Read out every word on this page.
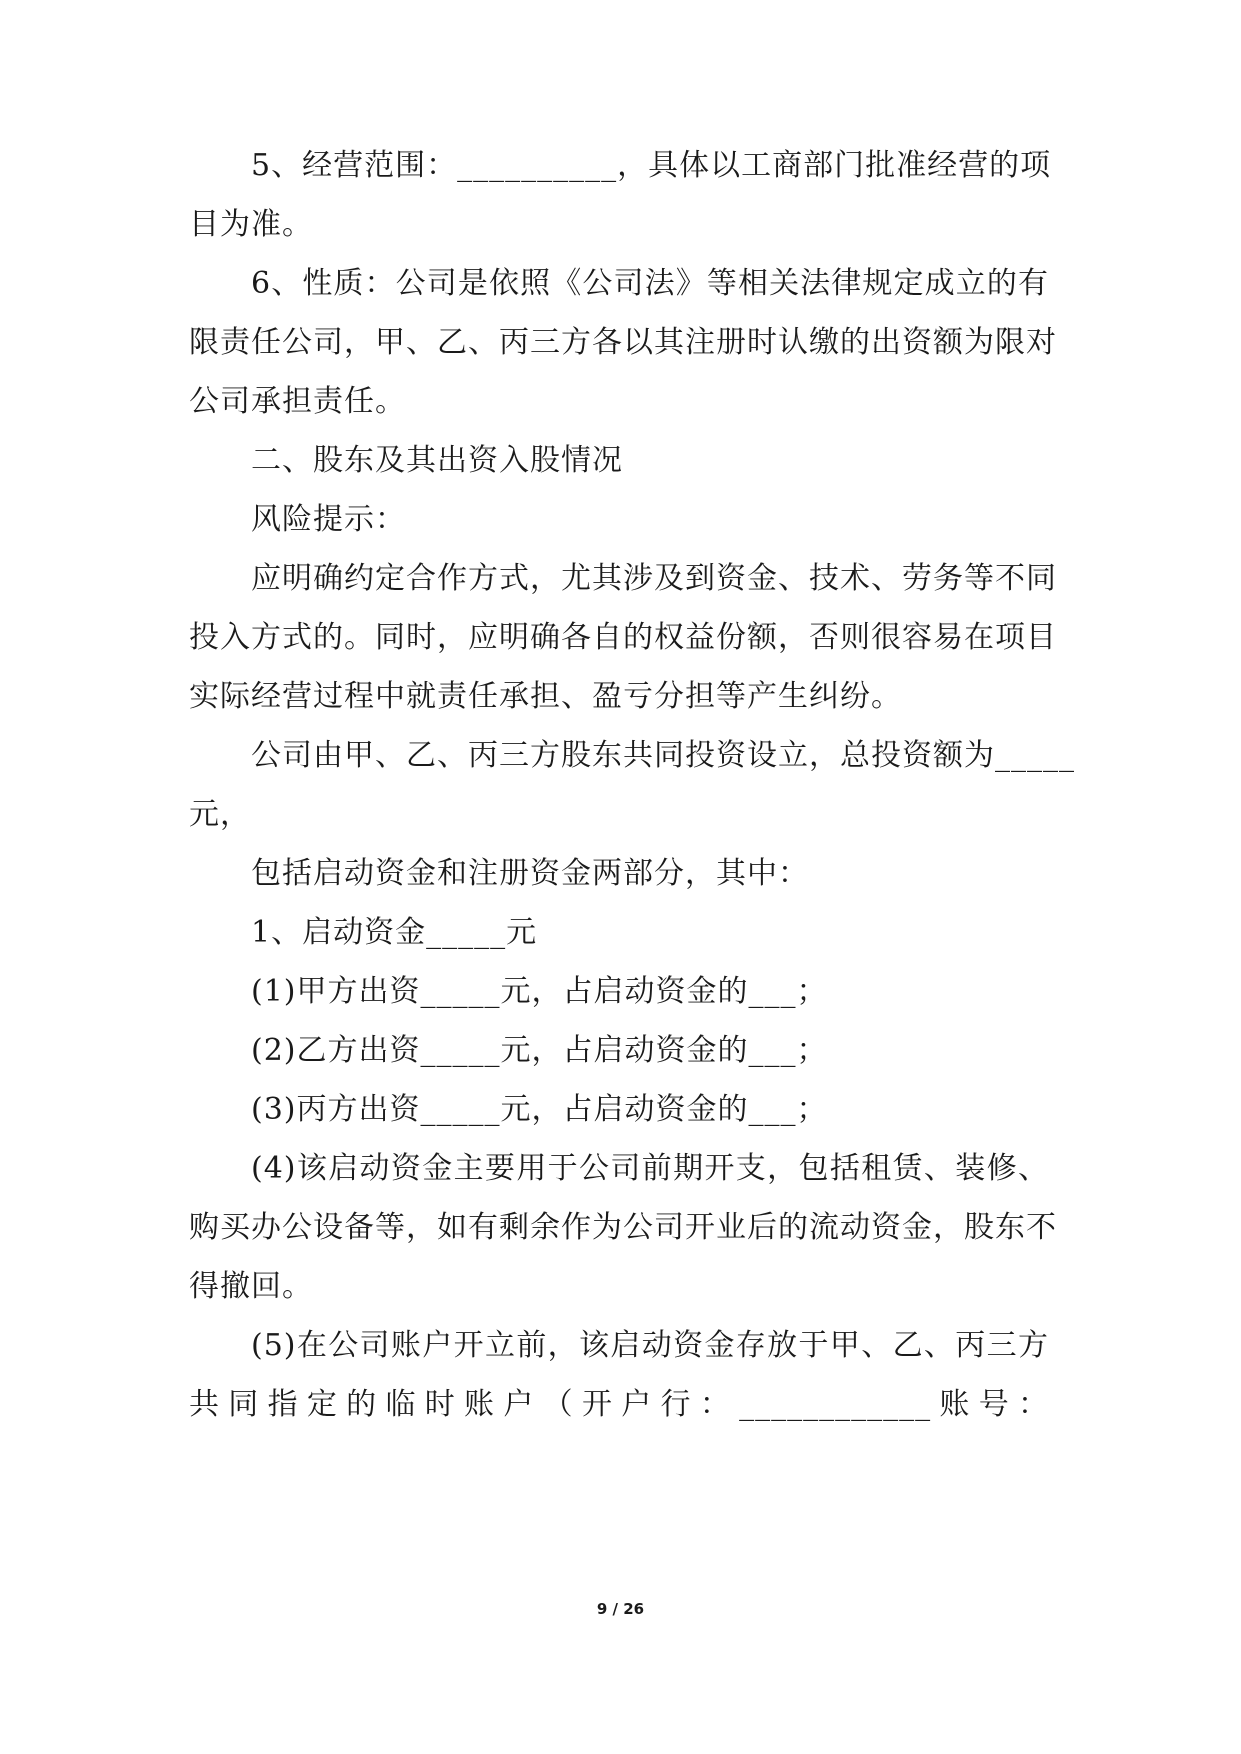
5、经营范围：__________，具体以工商部门批准经营的项
目为准。
6、性质：公司是依照《公司法》等相关法律规定成立的有
限责任公司，甲、乙、丙三方各以其注册时认缴的出资额为限对
公司承担责任。
二、股东及其出资入股情况
风险提示：
应明确约定合作方式，尤其涉及到资金、技术、劳务等不同
投入方式的。同时，应明确各自的权益份额，否则很容易在项目
实际经营过程中就责任承担、盈亏分担等产生纠纷。
公司由甲、乙、丙三方股东共同投资设立，总投资额为_____
元，
包括启动资金和注册资金两部分，其中：
1、启动资金_____元
(1)甲方出资_____元，占启动资金的___；
(2)乙方出资_____元，占启动资金的___；
(3)丙方出资_____元，占启动资金的___；
(4)该启动资金主要用于公司前期开支，包括租赁、装修、
购买办公设备等，如有剩余作为公司开业后的流动资金，股东不
得撤回。
(5)在公司账户开立前，该启动资金存放于甲、乙、丙三方
共同指定的临时账户（开户行：____________账号：
9 / 26
